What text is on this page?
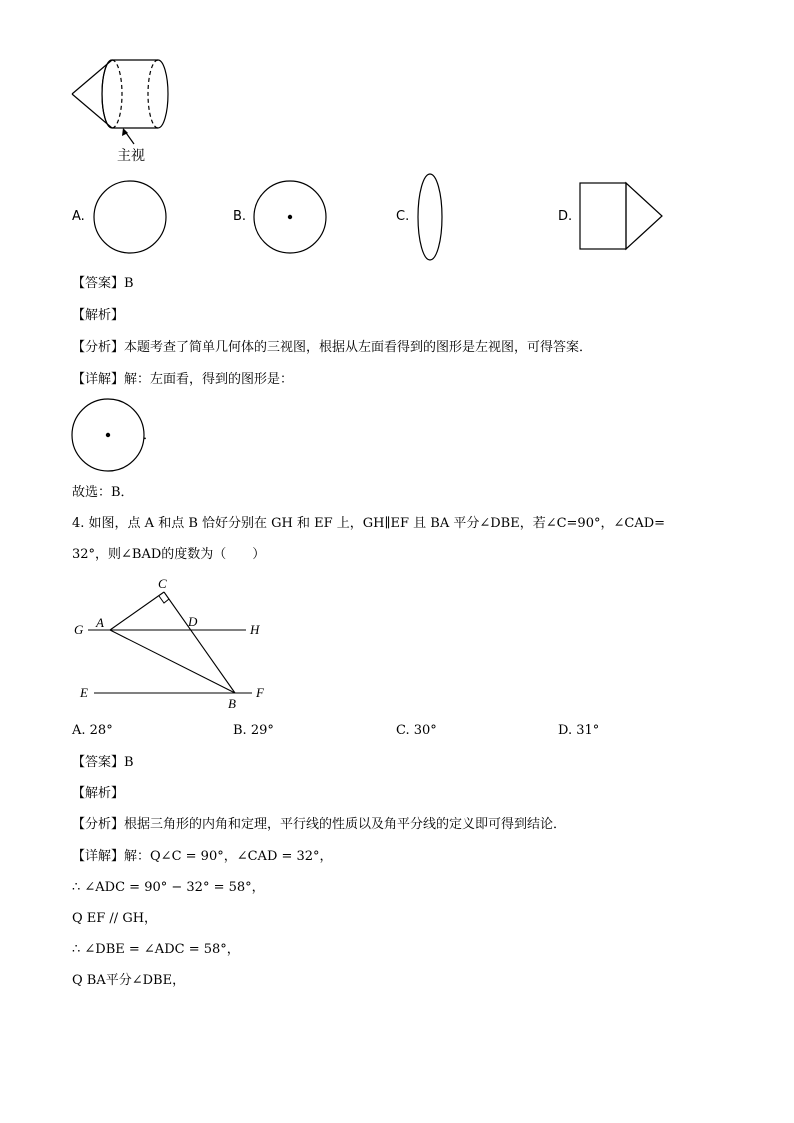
主视
A.	B.	C.	D.
【答案】B
【解析】
【分析】本题考查了简单几何体的三视图，根据从左面看得到的图形是左视图，可得答案．
【详解】解：左面看，得到的图形是：
．
故选：B．
4. 如图，点 A 和点 B 恰好分别在 GH 和 EF 上，GH∥EF 且 BA 平分∠DBE，若∠C=90°，∠CAD=
32°，则∠BAD的度数为（　　）
C
A	D
G	H
E	F
B
A. 28°	B. 29°	C. 30°	D. 31°
【答案】B
【解析】
【分析】根据三角形的内角和定理，平行线的性质以及角平分线的定义即可得到结论．
【详解】解：Q∠C = 90°，∠CAD = 32°，
∴ ∠ADC = 90° − 32° = 58°，
Q EF // GH，
∴ ∠DBE = ∠ADC = 58°，
Q BA平分∠DBE，
